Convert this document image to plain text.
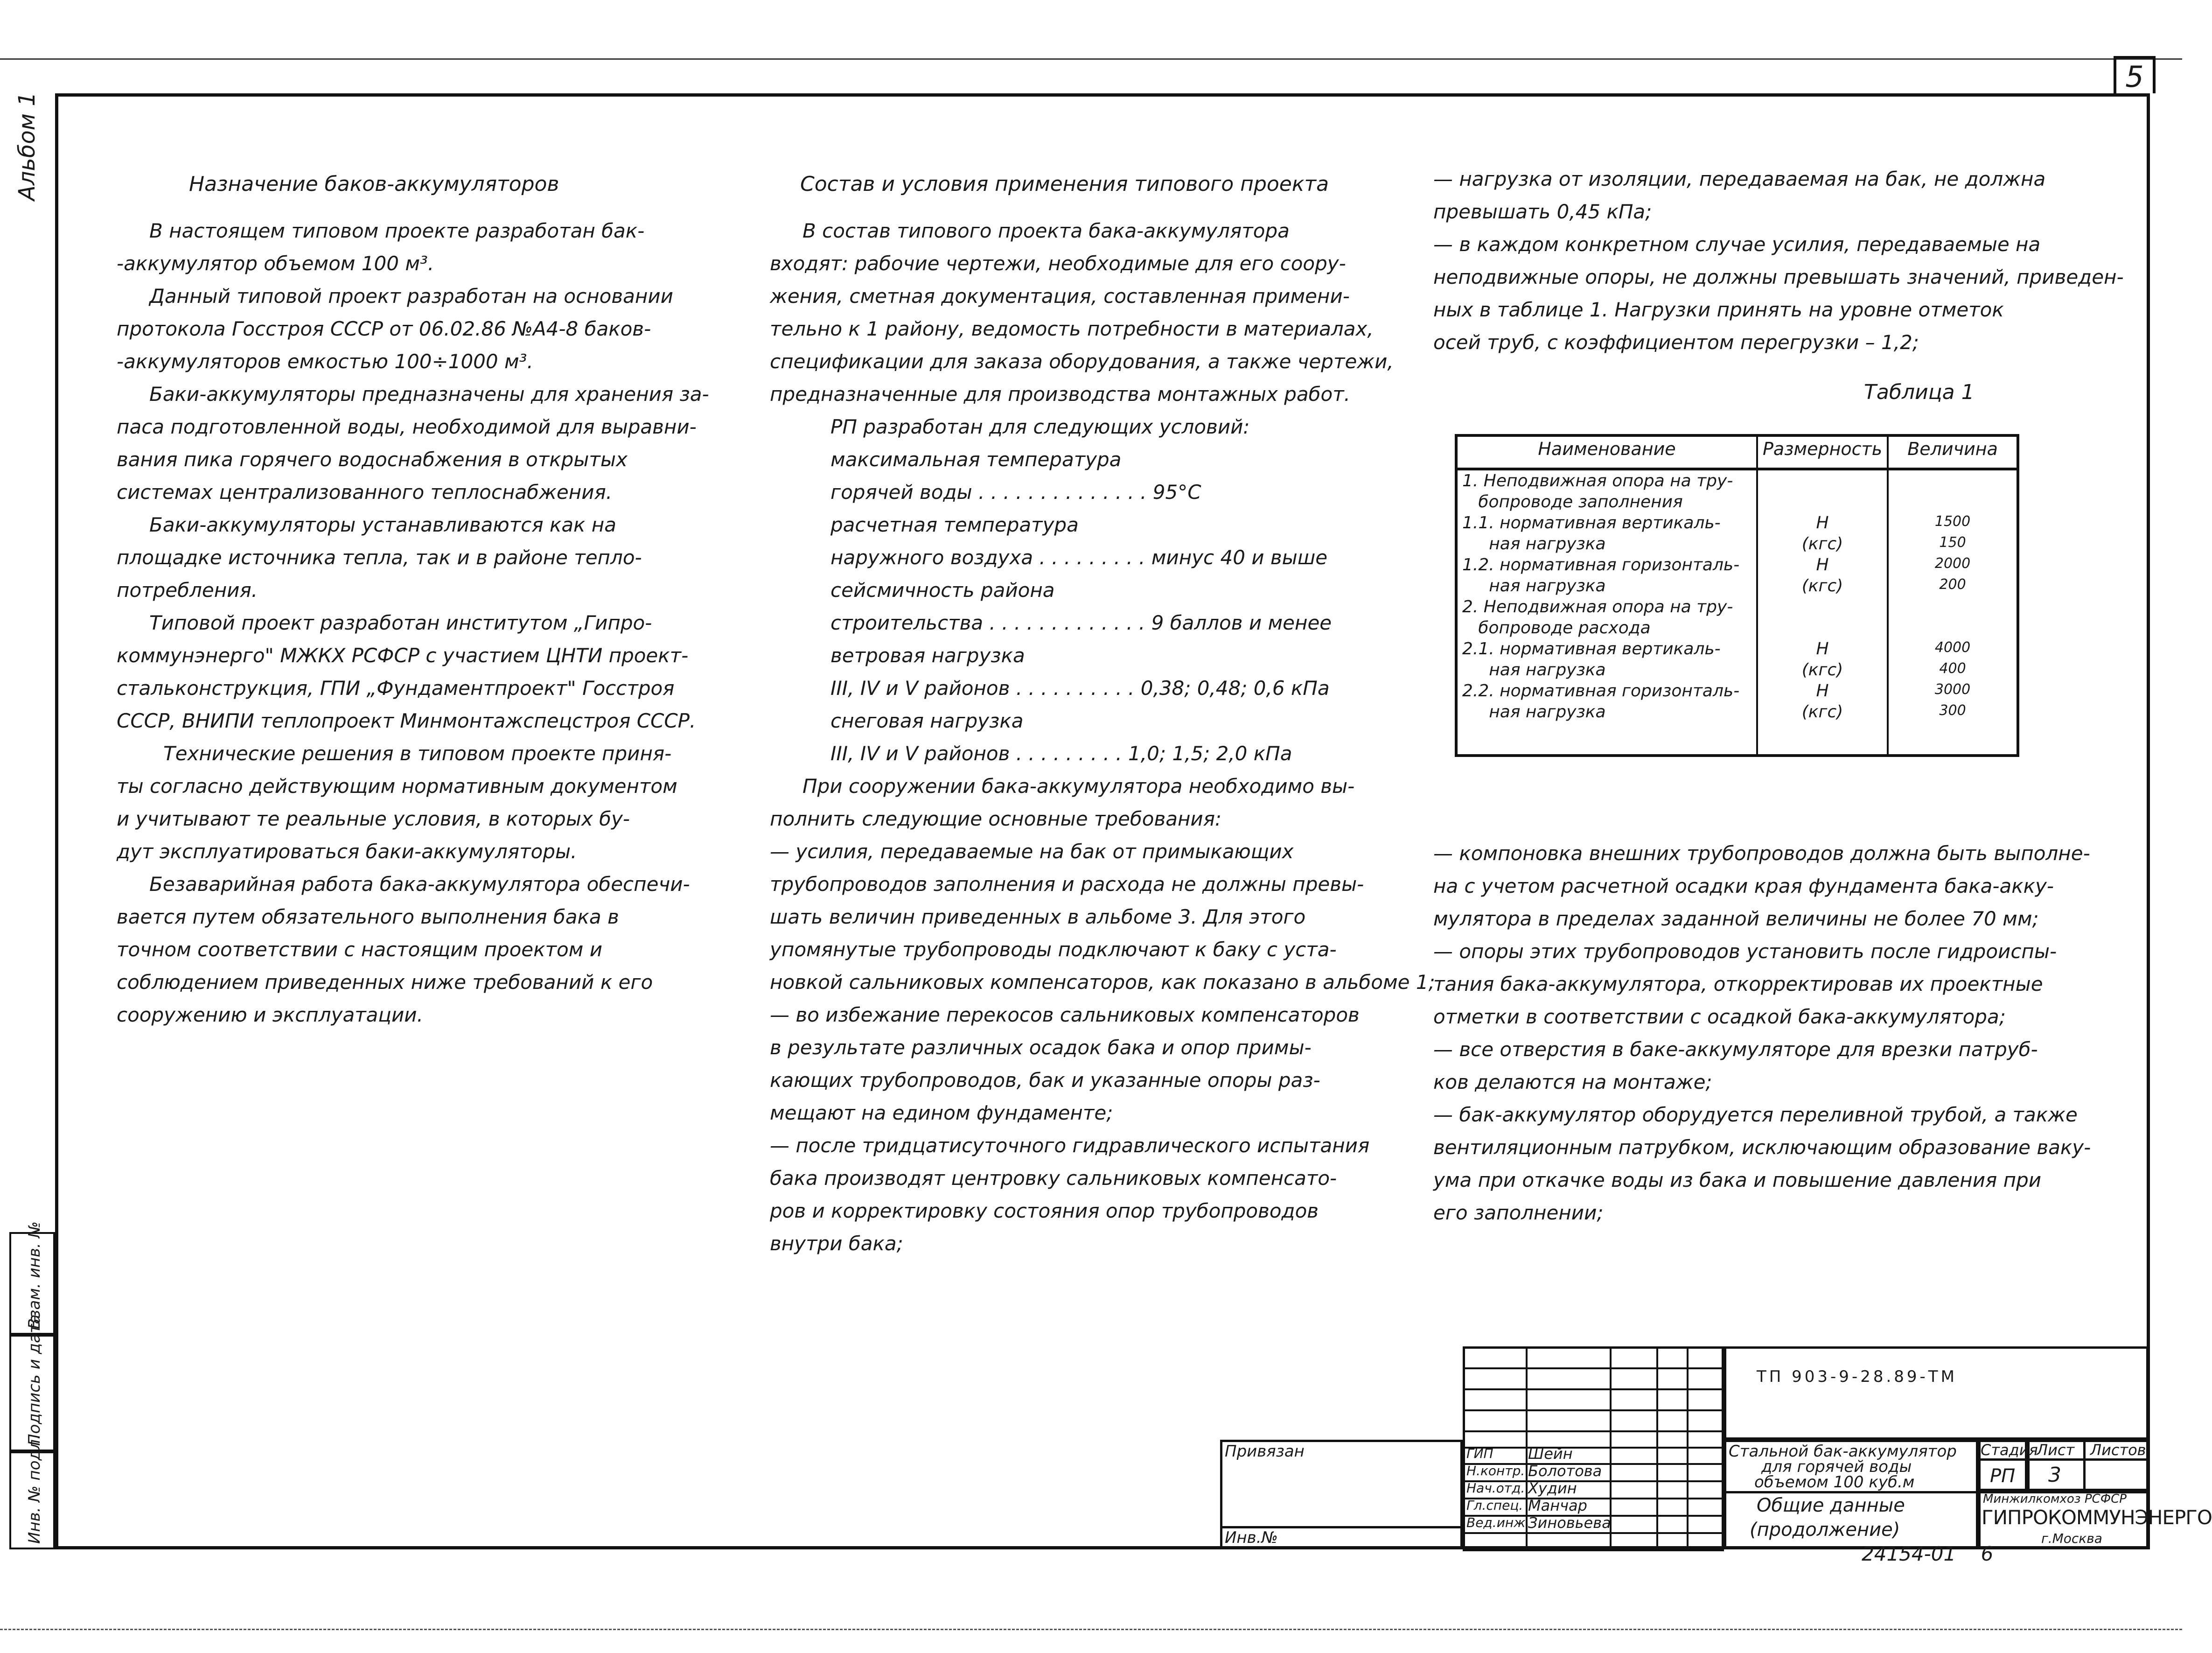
5
Альбом 1	Назначение баков-аккумуляторов
В настоящем типовом проекте разработан бак-
-аккумулятор объемом 100 м³.
Данный типовой проект разработан на основании
протокола Госстроя СССР от 06.02.86 №А4-8 баков-
-аккумуляторов емкостью 100÷1000 м³.
Баки-аккумуляторы предназначены для хранения за-
паса подготовленной воды, необходимой для выравни-
вания пика горячего водоснабжения в открытых
системах централизованного теплоснабжения.
Баки-аккумуляторы устанавливаются как на
площадке источника тепла, так и в районе тепло-
потребления.
Типовой проект разработан институтом „Гипро-
коммунэнерго" МЖКХ РСФСР с участием ЦНТИ проект-
стальконструкция, ГПИ „Фундаментпроект" Госстроя
СССР, ВНИПИ теплопроект Минмонтажспецстроя СССР.
Технические решения в типовом проекте приня-
ты согласно действующим нормативным документом
и учитывают те реальные условия, в которых бу-
дут эксплуатироваться баки-аккумуляторы.
Безаварийная работа бака-аккумулятора обеспечи-
вается путем обязательного выполнения бака в
точном соответствии с настоящим проектом и
соблюдением приведенных ниже требований к его
сооружению и эксплуатации.
Состав и условия применения типового проекта
В состав типового проекта бака-аккумулятора
входят: рабочие чертежи, необходимые для его соору-
жения, сметная документация, составленная примени-
тельно к 1 району, ведомость потребности в материалах,
спецификации для заказа оборудования, а также чертежи,
предназначенные для производства монтажных работ.
РП разработан для следующих условий:
максимальная температура
горячей воды . . . . . . . . . . . . . . 95°С
расчетная температура
наружного воздуха . . . . . . . . . минус 40 и выше
сейсмичность района
строительства . . . . . . . . . . . . . 9 баллов и менее
ветровая нагрузка
III, IV и V районов . . . . . . . . . . 0,38; 0,48; 0,6 кПа
снеговая нагрузка
III, IV и V районов . . . . . . . . . 1,0; 1,5; 2,0 кПа
При сооружении бака-аккумулятора необходимо вы-
полнить следующие основные требования:
— усилия, передаваемые на бак от примыкающих
трубопроводов заполнения и расхода не должны превы-
шать величин приведенных в альбоме 3. Для этого
упомянутые трубопроводы подключают к баку с уста-
новкой сальниковых компенсаторов, как показано в альбоме 1;
— во избежание перекосов сальниковых компенсаторов
в результате различных осадок бака и опор примы-
кающих трубопроводов, бак и указанные опоры раз-
мещают на едином фундаменте;
— после тридцатисуточного гидравлического испытания
бака производят центровку сальниковых компенсато-
ров и корректировку состояния опор трубопроводов
внутри бака;
— нагрузка от изоляции, передаваемая на бак, не должна
превышать 0,45 кПа;
— в каждом конкретном случае усилия, передаваемые на
неподвижные опоры, не должны превышать значений, приведен-
ных в таблице 1. Нагрузки принять на уровне отметок
осей труб, с коэффициентом перегрузки – 1,2;
Таблица 1
Наименование	Размерность	Величина
1. Неподвижная опора на тру-		
бопроводе заполнения		
1.1. нормативная вертикаль-	Н	1500
ная нагрузка	(кгс)	150
1.2. нормативная горизонталь-	Н	2000
ная нагрузка	(кгс)	200
2. Неподвижная опора на тру-		
бопроводе расхода		
2.1. нормативная вертикаль-	Н	4000
ная нагрузка	(кгс)	400
2.2. нормативная горизонталь-	Н	3000
ная нагрузка	(кгс)	300

— компоновка внешних трубопроводов должна быть выполне-
на с учетом расчетной осадки края фундамента бака-акку-
мулятора в пределах заданной величины не более 70 мм;
— опоры этих трубопроводов установить после гидроиспы-
тания бака-аккумулятора, откорректировав их проектные
отметки в соответствии с осадкой бака-аккумулятора;
— все отверстия в баке-аккумуляторе для врезки патруб-
ков делаются на монтаже;
— бак-аккумулятор оборудуется переливной трубой, а также
вентиляционным патрубком, исключающим образование ваку-
ума при откачке воды из бака и повышение давления при
его заполнении;
Взам. инв. №
Подпись и дата
Инв. № подл.	Привязан
Инв.№
ТП 903-9-28.89-ТМ
Стальной бак-аккумулятор
для горячей воды
объемом 100 куб.м
Общие данные
(продолжение)
Стадия
Лист Листов
РП 3
Минжилкомхоз РСФСР
ГИПРОКОММУНЭНЕРГО
г.Москва
ГИП Шейн
Н.контр. Болотова
Нач.отд. Худин
Гл.спец. Манчар
Вед.инж.
Зиновьева
24154-01 6
